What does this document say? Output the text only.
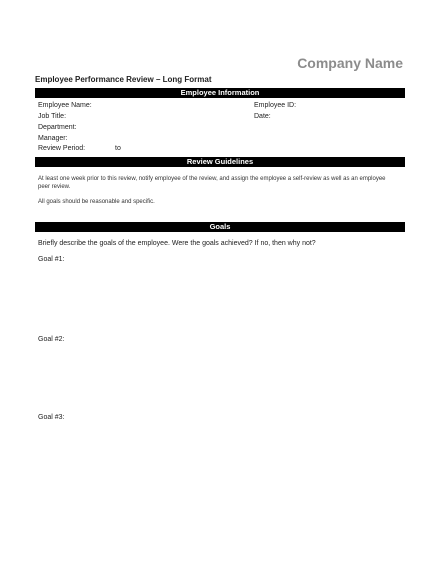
Company Name
Employee Performance Review – Long Format
Employee Information
Employee Name:
Job Title:
Department:
Manager:
Review Period:	to
Employee ID:
Date:
Review Guidelines
At least one week prior to this review, notify employee of the review, and assign the employee a self-review as well as an employee peer review.
All goals should be reasonable and specific.
Goals
Briefly describe the goals of the employee. Were the goals achieved? If no, then why not?
Goal #1:
Goal #2:
Goal #3:
